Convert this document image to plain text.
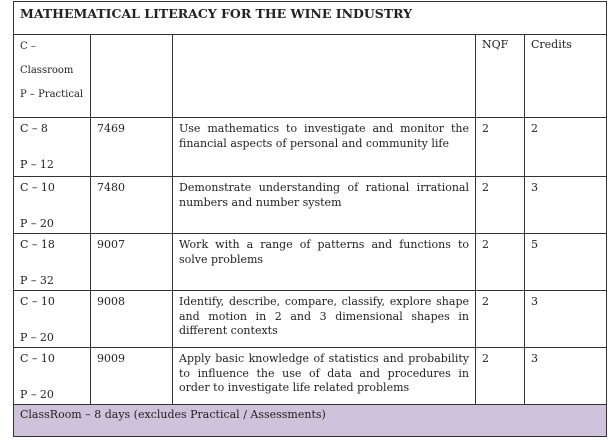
MATHEMATICAL LITERACY FOR THE WINE INDUSTRY				

C –
Classroom
P – Practical			NQF	Credits

C – 8
P – 12	7469	Use mathematics to investigate and monitor the financial aspects of personal and community life	2	2

C – 10
P – 20	7480	Demonstrate understanding of rational irrational numbers and number system	2	3

C – 18
P – 32	9007	Work with a range of patterns and functions to solve problems	2	5

C – 10
P – 20	9008	Identify, describe, compare, classify, explore shape and motion in 2 and 3 dimensional shapes in different contexts	2	3

C – 10
P – 20	9009	Apply basic knowledge of statistics and probability to influence the use of data and procedures in order to investigate life related problems	2	3
ClassRoom – 8 days (excludes Practical / Assessments)				
